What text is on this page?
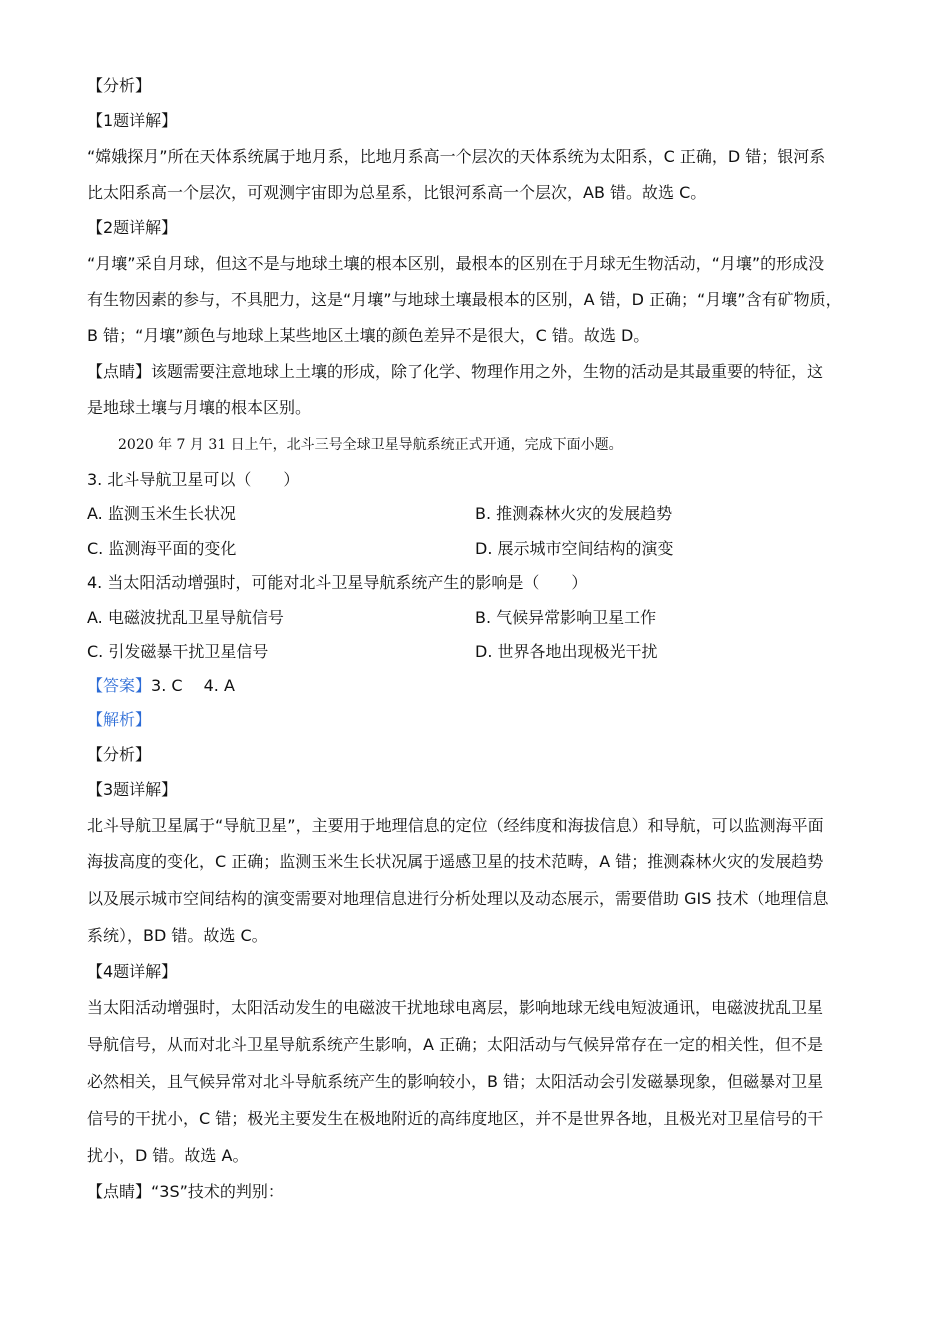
【分析】
【1题详解】
“嫦娥探月”所在天体系统属于地月系，比地月系高一个层次的天体系统为太阳系，C 正确，D 错；银河系
比太阳系高一个层次，可观测宇宙即为总星系，比银河系高一个层次，AB 错。故选 C。
【2题详解】
“月壤”采自月球，但这不是与地球土壤的根本区别，最根本的区别在于月球无生物活动，“月壤”的形成没
有生物因素的参与，不具肥力，这是“月壤”与地球土壤最根本的区别，A 错，D 正确；“月壤”含有矿物质，
B 错；“月壤”颜色与地球上某些地区土壤的颜色差异不是很大，C 错。故选 D。
【点睛】该题需要注意地球上土壤的形成，除了化学、物理作用之外，生物的活动是其最重要的特征，这
是地球土壤与月壤的根本区别。
2020 年 7 月 31 日上午，北斗三号全球卫星导航系统正式开通，完成下面小题。
3. 北斗导航卫星可以（　　）
A. 监测玉米生长状况	B. 推测森林火灾的发展趋势
C. 监测海平面的变化	D. 展示城市空间结构的演变
4. 当太阳活动增强时，可能对北斗卫星导航系统产生的影响是（　　）
A. 电磁波扰乱卫星导航信号	B. 气候异常影响卫星工作
C. 引发磁暴干扰卫星信号	D. 世界各地出现极光干扰
【答案】3. C　 4. A
【解析】
【分析】
【3题详解】
北斗导航卫星属于“导航卫星”，主要用于地理信息的定位（经纬度和海拔信息）和导航，可以监测海平面
海拔高度的变化，C 正确；监测玉米生长状况属于遥感卫星的技术范畴，A 错；推测森林火灾的发展趋势
以及展示城市空间结构的演变需要对地理信息进行分析处理以及动态展示，需要借助 GIS 技术（地理信息
系统），BD 错。故选 C。
【4题详解】
当太阳活动增强时，太阳活动发生的电磁波干扰地球电离层，影响地球无线电短波通讯，电磁波扰乱卫星
导航信号，从而对北斗卫星导航系统产生影响，A 正确；太阳活动与气候异常存在一定的相关性，但不是
必然相关，且气候异常对北斗导航系统产生的影响较小，B 错；太阳活动会引发磁暴现象，但磁暴对卫星
信号的干扰小，C 错；极光主要发生在极地附近的高纬度地区，并不是世界各地，且极光对卫星信号的干
扰小，D 错。故选 A。
【点睛】“3S”技术的判别：
